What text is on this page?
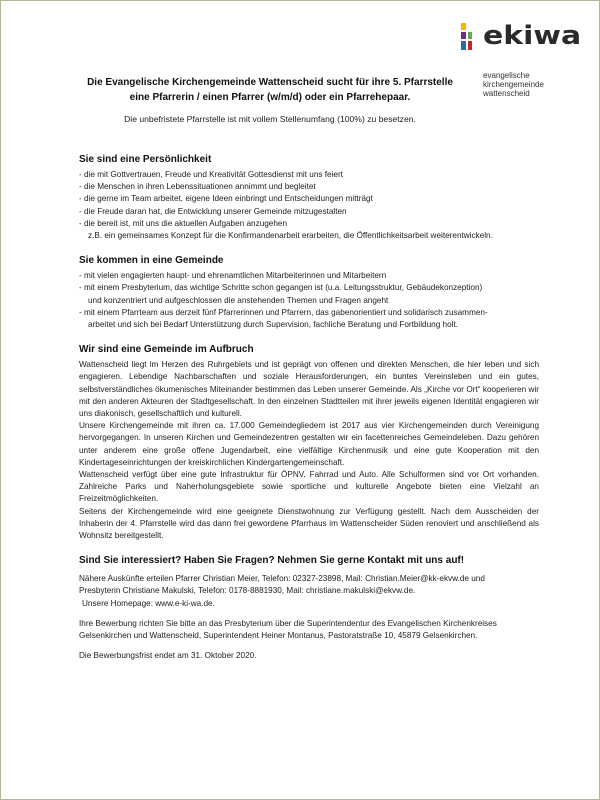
ekiwa
evangelische
kirchengemeinde
wattenscheid
Die Evangelische Kirchengemeinde Wattenscheid sucht für ihre 5. Pfarrstelle
eine Pfarrerin / einen Pfarrer (w/m/d) oder ein Pfarrehepaar.
Die unbefristete Pfarrstelle ist mit vollem Stellenumfang (100%) zu besetzen.
Sie sind eine Persönlichkeit
- die mit Gottvertrauen, Freude und Kreativität Gottesdienst mit uns feiert
- die Menschen in ihren Lebenssituationen annimmt und begleitet
- die gerne im Team arbeitet, eigene Ideen einbringt und Entscheidungen mitträgt
- die Freude daran hat, die Entwicklung unserer Gemeinde mitzugestalten
- die bereit ist, mit uns die aktuellen Aufgaben anzugehen
z.B. ein gemeinsames Konzept für die Konfirmandenarbeit erarbeiten, die Öffentlichkeitsarbeit weiterentwickeln.
Sie kommen in eine Gemeinde
- mit vielen engagierten haupt- und ehrenamtlichen Mitarbeiterinnen und Mitarbeitern
- mit einem Presbyterium, das wichtige Schritte schon gegangen ist (u.a. Leitungsstruktur, Gebäudekonzeption)
und konzentriert und aufgeschlossen die anstehenden Themen und Fragen angeht
- mit einem Pfarrteam aus derzeit fünf Pfarrerinnen und Pfarrern, das gabenorientiert und solidarisch zusammen-
arbeitet und sich bei Bedarf Unterstützung durch Supervision, fachliche Beratung und Fortbildung holt.
Wir sind eine Gemeinde im Aufbruch

Wattenscheid liegt im Herzen des Ruhrgebiets und ist geprägt von offenen und direkten Menschen, die hier leben und sich engagieren. Lebendige Nachbarschaften und soziale Herausforderungen, ein buntes Vereinsleben und ein gutes, selbstverständliches ökumenisches Miteinander bestimmen das Leben unserer Gemeinde. Als „Kirche vor Ort“ kooperieren wir mit den anderen Akteuren der Stadtgesellschaft. In den einzelnen Stadtteilen mit ihrer jeweils eigenen Identität engagieren wir uns diakonisch, gesellschaftlich und kulturell.

Unsere Kirchengemeinde mit ihren ca. 17.000 Gemeindegliedern ist 2017 aus vier Kirchengemeinden durch Vereinigung hervorgegangen. In unseren Kirchen und Gemeindezentren gestalten wir ein facettenreiches Gemeindeleben. Dazu gehören unter anderem eine große offene Jugendarbeit, eine vielfältige Kirchenmusik und eine gute Kooperation mit den Kindertageseinrichtungen der kreiskirchlichen Kindergartengemeinschaft.

Wattenscheid verfügt über eine gute Infrastruktur für ÖPNV, Fahrrad und Auto. Alle Schulformen sind vor Ort vorhanden. Zahlreiche Parks und Naherholungsgebiete sowie sportliche und kulturelle Angebote bieten eine Vielzahl an Freizeitmöglichkeiten.

Seitens der Kirchengemeinde wird eine geeignete Dienstwohnung zur Verfügung gestellt. Nach dem Ausscheiden der Inhaberin der 4. Pfarrstelle wird das dann frei gewordene Pfarrhaus im Wattenscheider Süden renoviert und anschließend als Wohnsitz bereitgestellt.

Sind Sie interessiert? Haben Sie Fragen? Nehmen Sie gerne Kontakt mit uns auf!

Nähere Auskünfte erteilen Pfarrer Christian Meier, Telefon: 02327-23898, Mail: Christian.Meier@kk-ekvw.de und

Presbyterin Christiane Makulski, Telefon: 0178-8881930, Mail: christiane.makulski@ekvw.de.

Unsere Homepage: www.e-ki-wa.de.

Ihre Bewerbung richten Sie bitte an das Presbyterium über die Superintendentur des Evangelischen Kirchenkreises Gelsenkirchen und Wattenscheid, Superintendent Heiner Montanus, Pastoratstraße 10, 45879 Gelsenkirchen.

Die Bewerbungsfrist endet am 31. Oktober 2020.
